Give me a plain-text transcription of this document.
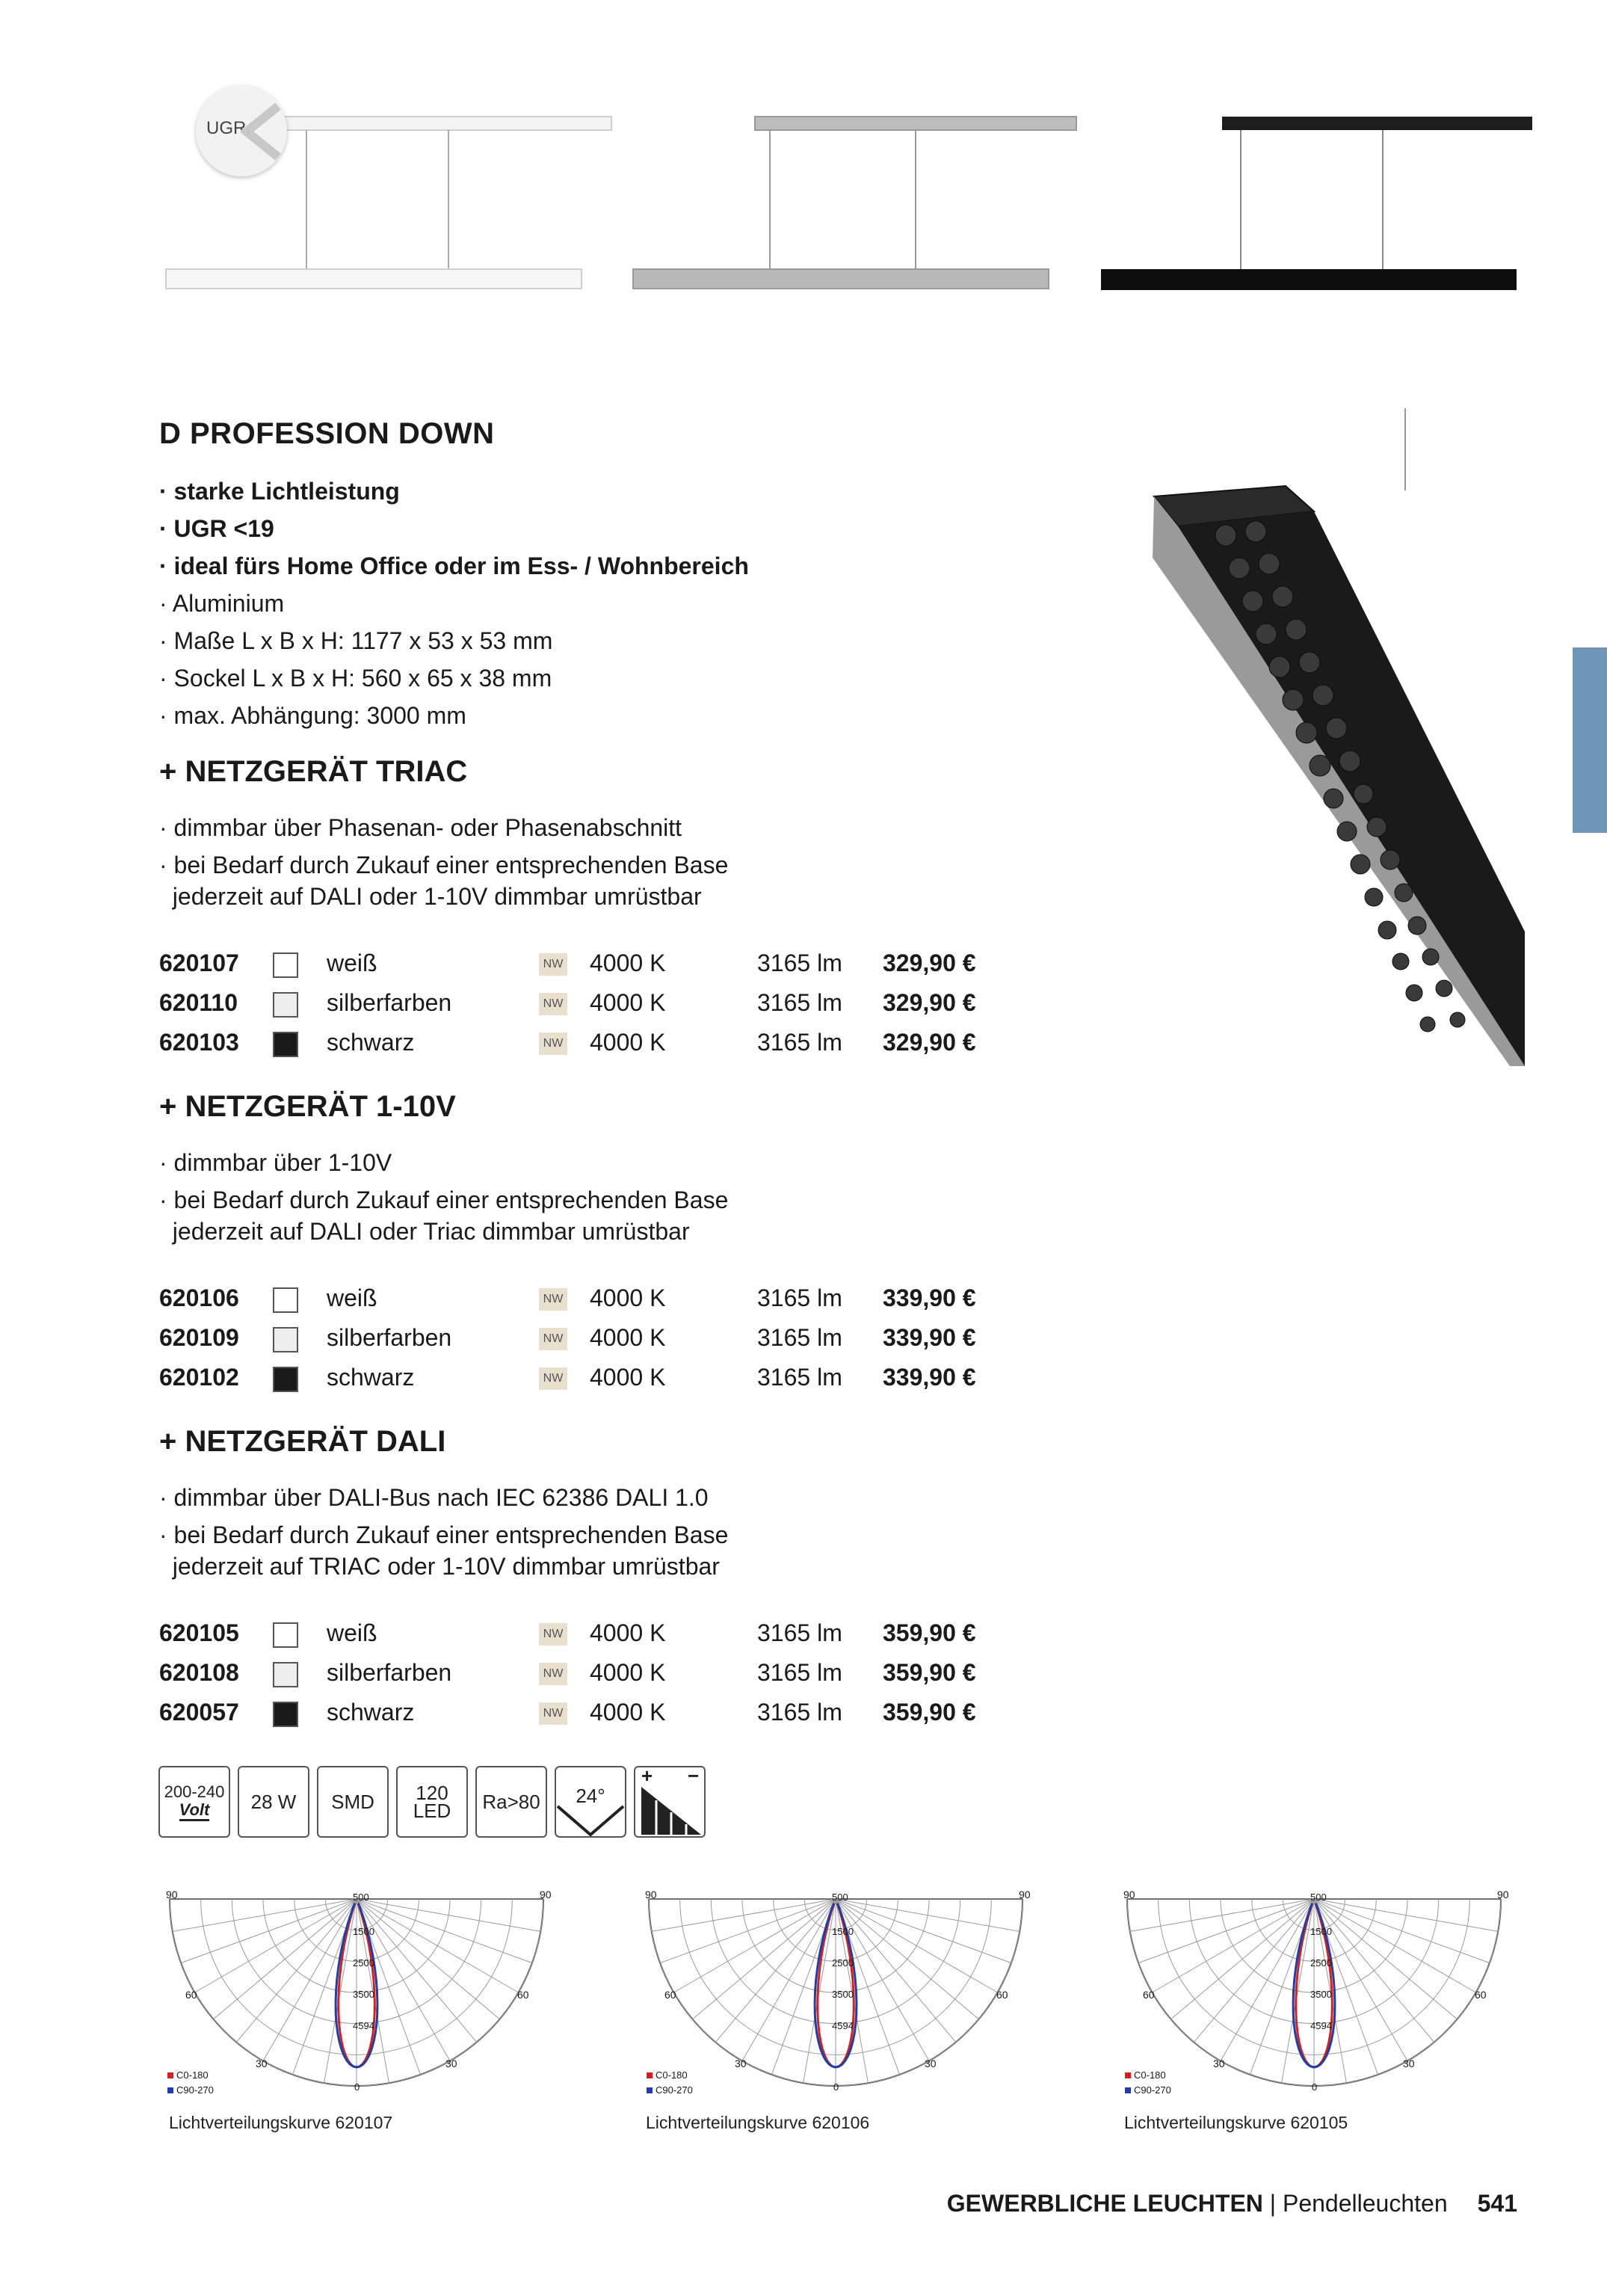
UGR
D PROFESSION DOWN
· starke Lichtleistung
· UGR <19
· ideal fürs Home Office oder im Ess- / Wohnbereich
· Aluminium
· Maße L x B x H: 1177 x 53 x 53 mm
· Sockel L x B x H: 560 x 65 x 38 mm
· max. Abhängung: 3000 mm
+ NETZGERÄT TRIAC
· dimmbar über Phasenan- oder Phasenabschnitt
· bei Bedarf durch Zukauf einer entsprechenden Base
jederzeit auf DALI oder 1-10V dimmbar umrüstbar
620107	weiß	NW 4000 K	3165 lm 329,90 €
620110	silberfarben	NW 4000 K	3165 lm 329,90 €
620103	schwarz	NW 4000 K	3165 lm 329,90 €
+ NETZGERÄT 1-10V
· dimmbar über 1-10V
· bei Bedarf durch Zukauf einer entsprechenden Base
jederzeit auf DALI oder Triac dimmbar umrüstbar
620106	weiß	NW 4000 K	3165 lm 339,90 €
620109	silberfarben	NW 4000 K	3165 lm 339,90 €
620102	schwarz	NW 4000 K	3165 lm 339,90 €
+ NETZGERÄT DALI
· dimmbar über DALI-Bus nach IEC 62386 DALI 1.0
· bei Bedarf durch Zukauf einer entsprechenden Base
jederzeit auf TRIAC oder 1-10V dimmbar umrüstbar
620105	weiß	NW 4000 K	3165 lm 359,90 €
620108	silberfarben	NW 4000 K	3165 lm 359,90 €
620057	schwarz	NW 4000 K	3165 lm 359,90 €
200-240
Volt 28 W SMD 120
LED Ra>80 24°
+ −
90	90
60	60
30	30
500
1500
2500
3500
4594
0
C0-180
C90-270
Lichtverteilungskurve 620107
90	90
60	60
30	30
500
1500
2500
3500
4594
0
C0-180
C90-270
Lichtverteilungskurve 620106
90	90
60	60
30	30
500
1500
2500
3500
4594
0
C0-180
C90-270
Lichtverteilungskurve 620105
GEWERBLICHE LEUCHTEN | Pendelleuchten 541
